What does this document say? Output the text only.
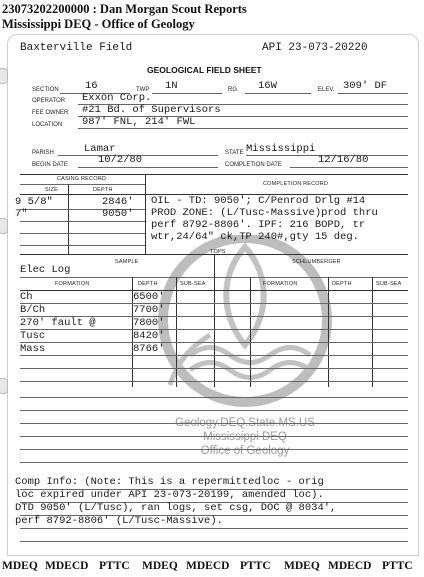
23073202200000 : Dan Morgan Scout Reports
Mississippi DEQ - Office of Geology
Baxterville Field	API 23-073-20220
GEOLOGICAL FIELD SHEET
SECTION	16	TWP 1N	RG. 16W	ELEV. 309' DF
OPERATOR Exxon Corp.
FEE OWNER #21 Bd. of Supervisors
LOCATION 987' FNL, 214' FWL
PARISH	Lamar	STATE Mississippi
BEGIN DATE	10/2/80	COMPLETION DATE	12/16/80
CASING RECORD
COMPLETION RECORD
SIZE	DEPTH
9 5/8"	2846'
7"	9050'
OIL - TD: 9050'; C/Penrod Drlg #14
PROD ZONE: (L/Tusc-Massive)prod thru
perf 8792-8806'. IPF: 216 BOPD, tr
wtr,24/64" ck,TP 240#,gty 15 deg.
TOPS
SAMPLE	SCHLUMBERGER
Elec Log
FORMATION	DEPTH	SUB-SEA	FORMATION	DEPTH	SUB-SEA
Ch	6500'
B/Ch	7700'
270' fault @	7800'
Tusc	8420'
Mass	8766'
Geology.DEQ.State.MS.US
Mississippi DEQ
Office of Geology
Comp Info: (Note: This is a repermittedloc - orig
loc expired under API 23-073-20199, amended loc).
DTD 9050' (L/Tusc), ran logs, set csg, DOC @ 8034',
perf 8792-8806' (L/Tusc-Massive).
MDEQ MDECD PTTC MDEQ MDECD PTTC MDEQ MDECD PTTC
